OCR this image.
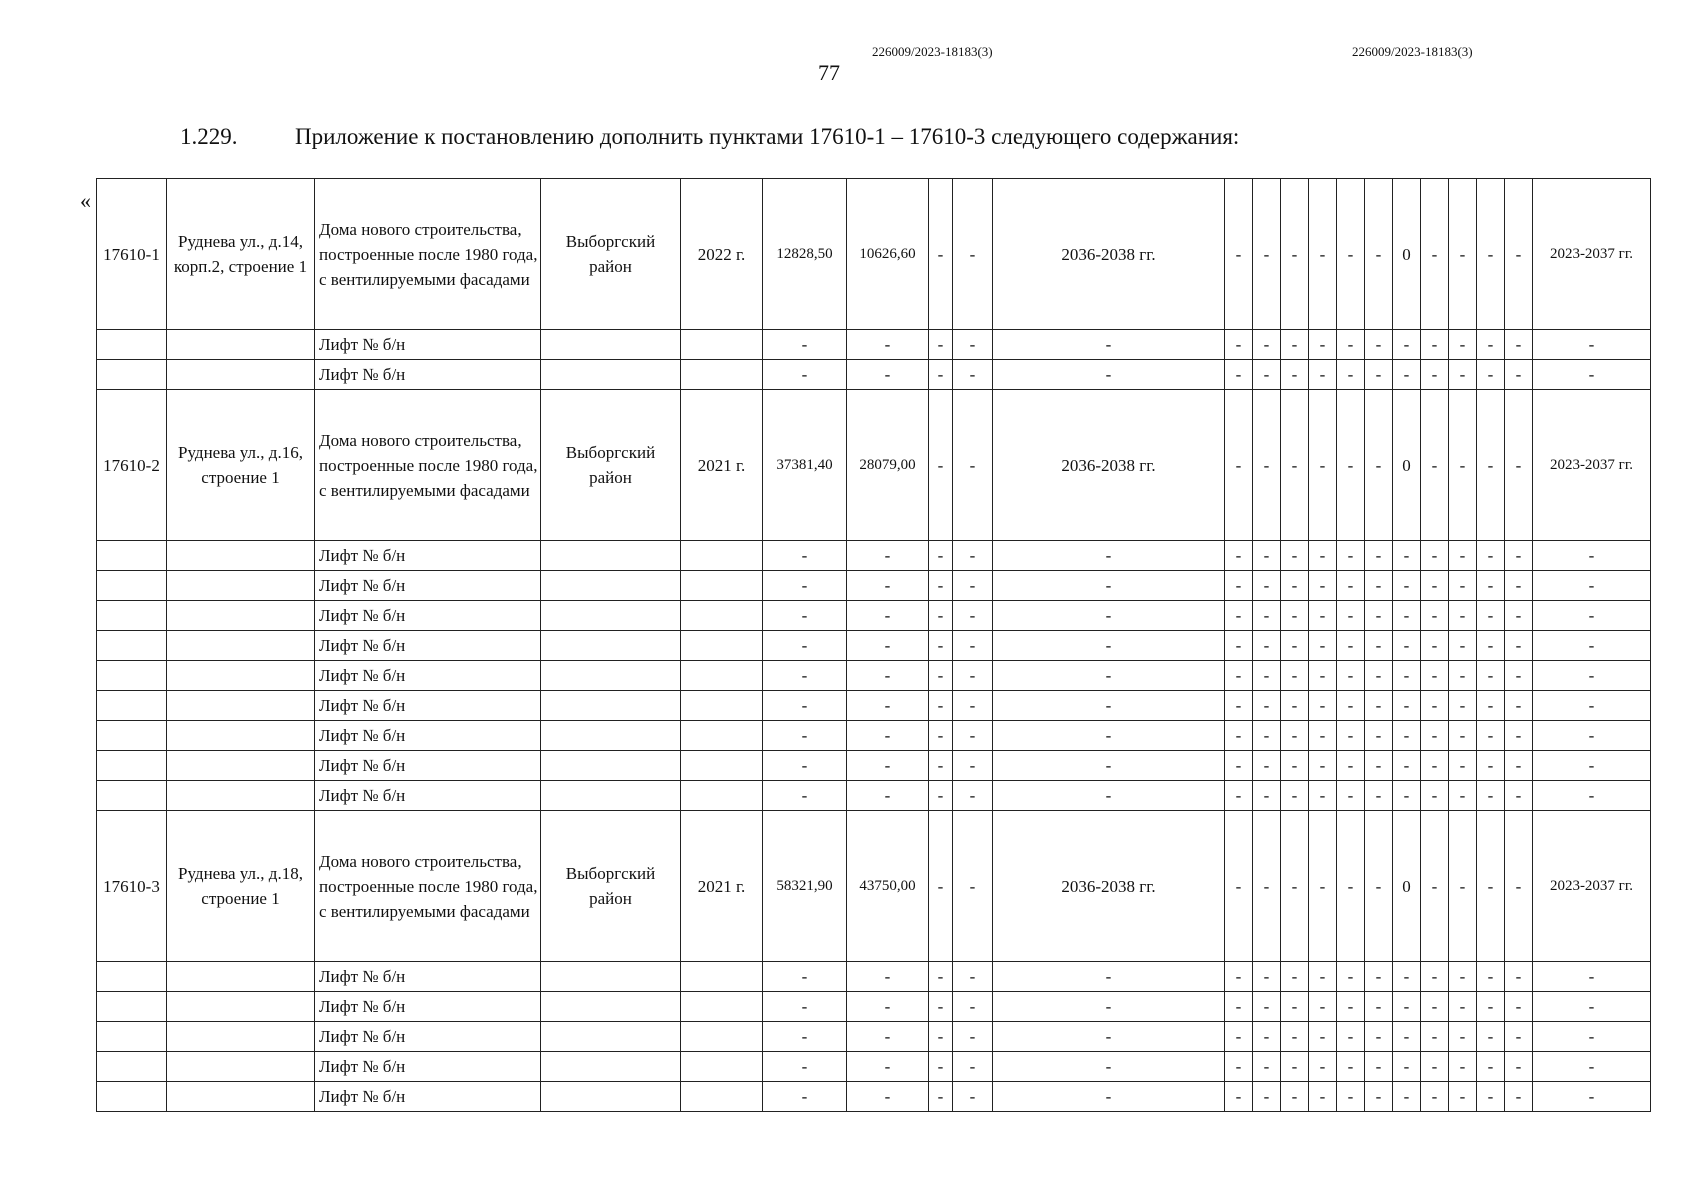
226009/2023-18183(3)	226009/2023-18183(3)
77
1.229.	Приложение к постановлению дополнить пунктами 17610-1 – 17610-3 следующего содержания:
«
17610-1	Руднева ул., д.14, корп.2, строение 1	Дома нового строительства, построенные после 1980 года, с вентилируемыми фасадами	Выборгский район	2022 г.	12828,50	10626,60	-	-	2036-2038 гг.	-	-	-	-	-	-	0	-	-	-	-	2023-2037 гг.
		Лифт № б/н			-	-	-	-	-	-	-	-	-	-	-	-	-	-	-	-	-
		Лифт № б/н			-	-	-	-	-	-	-	-	-	-	-	-	-	-	-	-	-
17610-2	Руднева ул., д.16, строение 1	Дома нового строительства, построенные после 1980 года, с вентилируемыми фасадами	Выборгский район	2021 г.	37381,40	28079,00	-	-	2036-2038 гг.	-	-	-	-	-	-	0	-	-	-	-	2023-2037 гг.
		Лифт № б/н			-	-	-	-	-	-	-	-	-	-	-	-	-	-	-	-	-
		Лифт № б/н			-	-	-	-	-	-	-	-	-	-	-	-	-	-	-	-	-
		Лифт № б/н			-	-	-	-	-	-	-	-	-	-	-	-	-	-	-	-	-
		Лифт № б/н			-	-	-	-	-	-	-	-	-	-	-	-	-	-	-	-	-
		Лифт № б/н			-	-	-	-	-	-	-	-	-	-	-	-	-	-	-	-	-
		Лифт № б/н			-	-	-	-	-	-	-	-	-	-	-	-	-	-	-	-	-
		Лифт № б/н			-	-	-	-	-	-	-	-	-	-	-	-	-	-	-	-	-
		Лифт № б/н			-	-	-	-	-	-	-	-	-	-	-	-	-	-	-	-	-
		Лифт № б/н			-	-	-	-	-	-	-	-	-	-	-	-	-	-	-	-	-
17610-3	Руднева ул., д.18, строение 1	Дома нового строительства, построенные после 1980 года, с вентилируемыми фасадами	Выборгский район	2021 г.	58321,90	43750,00	-	-	2036-2038 гг.	-	-	-	-	-	-	0	-	-	-	-	2023-2037 гг.
		Лифт № б/н			-	-	-	-	-	-	-	-	-	-	-	-	-	-	-	-	-
		Лифт № б/н			-	-	-	-	-	-	-	-	-	-	-	-	-	-	-	-	-
		Лифт № б/н			-	-	-	-	-	-	-	-	-	-	-	-	-	-	-	-	-
		Лифт № б/н			-	-	-	-	-	-	-	-	-	-	-	-	-	-	-	-	-
		Лифт № б/н			-	-	-	-	-	-	-	-	-	-	-	-	-	-	-	-	-
